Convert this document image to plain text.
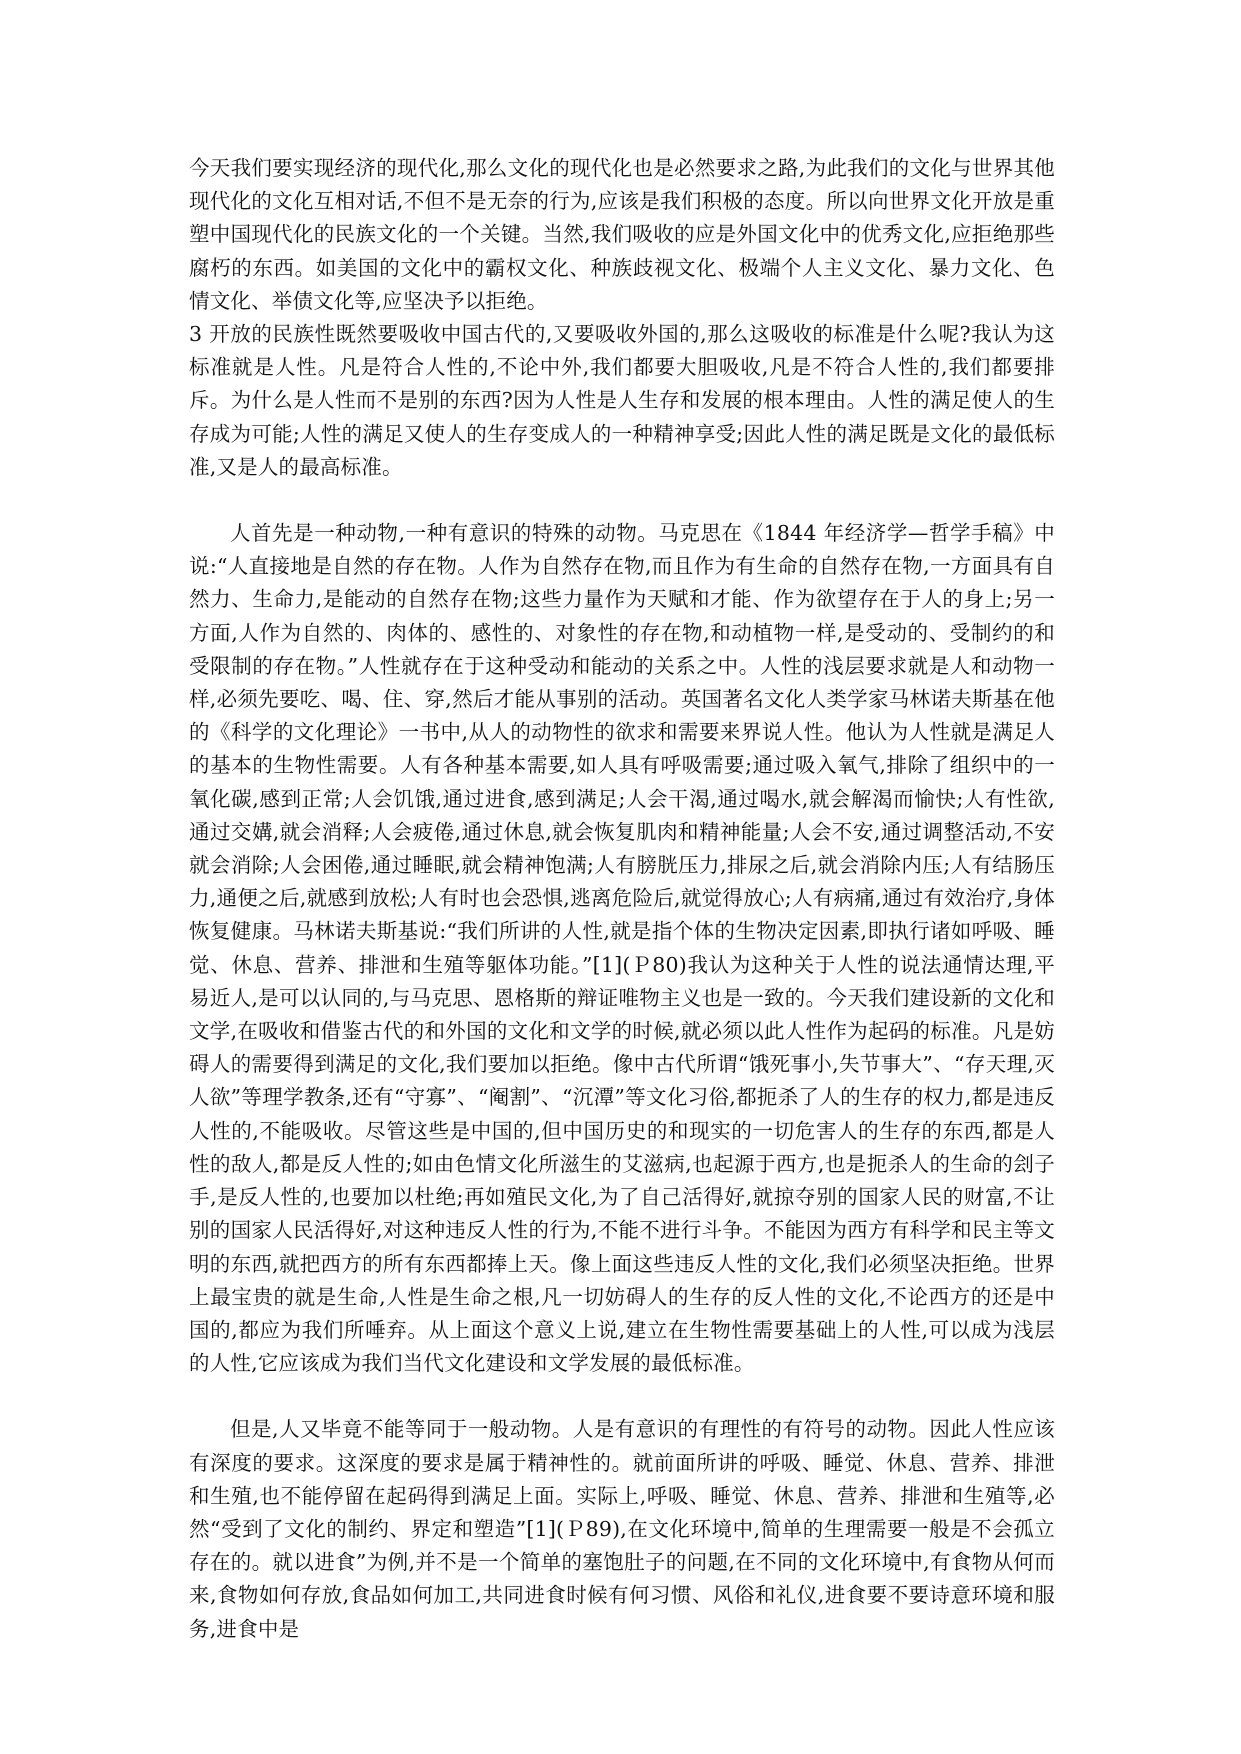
今天我们要实现经济的现代化,那么文化的现代化也是必然要求之路,为此我们的文化与世界其他现代化的文化互相对话,不但不是无奈的行为,应该是我们积极的态度。所以向世界文化开放是重塑中国现代化的民族文化的一个关键。当然,我们吸收的应是外国文化中的优秀文化,应拒绝那些腐朽的东西。如美国的文化中的霸权文化、种族歧视文化、极端个人主义文化、暴力文化、色情文化、举债文化等,应坚决予以拒绝。

3 开放的民族性既然要吸收中国古代的,又要吸收外国的,那么这吸收的标准是什么呢?我认为这标准就是人性。凡是符合人性的,不论中外,我们都要大胆吸收,凡是不符合人性的,我们都要排斥。为什么是人性而不是别的东西?因为人性是人生存和发展的根本理由。人性的满足使人的生存成为可能;人性的满足又使人的生存变成人的一种精神享受;因此人性的满足既是文化的最低标准,又是人的最高标准。

人首先是一种动物,一种有意识的特殊的动物。马克思在《1844 年经济学—哲学手稿》中说:“人直接地是自然的存在物。人作为自然存在物,而且作为有生命的自然存在物,一方面具有自然力、生命力,是能动的自然存在物;这些力量作为天赋和才能、作为欲望存在于人的身上;另一方面,人作为自然的、肉体的、感性的、对象性的存在物,和动植物一样,是受动的、受制约的和受限制的存在物。”人性就存在于这种受动和能动的关系之中。人性的浅层要求就是人和动物一样,必须先要吃、喝、住、穿,然后才能从事别的活动。英国著名文化人类学家马林诺夫斯基在他的《科学的文化理论》一书中,从人的动物性的欲求和需要来界说人性。他认为人性就是满足人的基本的生物性需要。人有各种基本需要,如人具有呼吸需要;通过吸入氧气,排除了组织中的一氧化碳,感到正常;人会饥饿,通过进食,感到满足;人会干渴,通过喝水,就会解渴而愉快;人有性欲,通过交媾,就会消释;人会疲倦,通过休息,就会恢复肌肉和精神能量;人会不安,通过调整活动,不安就会消除;人会困倦,通过睡眠,就会精神饱满;人有膀胱压力,排尿之后,就会消除内压;人有结肠压力,通便之后,就感到放松;人有时也会恐惧,逃离危险后,就觉得放心;人有病痛,通过有效治疗,身体恢复健康。马林诺夫斯基说:“我们所讲的人性,就是指个体的生物决定因素,即执行诸如呼吸、睡觉、休息、营养、排泄和生殖等躯体功能。”[1](Ｐ80)我认为这种关于人性的说法通情达理,平易近人,是可以认同的,与马克思、恩格斯的辩证唯物主义也是一致的。今天我们建设新的文化和文学,在吸收和借鉴古代的和外国的文化和文学的时候,就必须以此人性作为起码的标准。凡是妨碍人的需要得到满足的文化,我们要加以拒绝。像中古代所谓“饿死事小,失节事大”、“存天理,灭人欲”等理学教条,还有“守寡”、“阉割”、“沉潭”等文化习俗,都扼杀了人的生存的权力,都是违反人性的,不能吸收。尽管这些是中国的,但中国历史的和现实的一切危害人的生存的东西,都是人性的敌人,都是反人性的;如由色情文化所滋生的艾滋病,也起源于西方,也是扼杀人的生命的刽子手,是反人性的,也要加以杜绝;再如殖民文化,为了自己活得好,就掠夺别的国家人民的财富,不让别的国家人民活得好,对这种违反人性的行为,不能不进行斗争。不能因为西方有科学和民主等文明的东西,就把西方的所有东西都捧上天。像上面这些违反人性的文化,我们必须坚决拒绝。世界上最宝贵的就是生命,人性是生命之根,凡一切妨碍人的生存的反人性的文化,不论西方的还是中国的,都应为我们所唾弃。从上面这个意义上说,建立在生物性需要基础上的人性,可以成为浅层的人性,它应该成为我们当代文化建设和文学发展的最低标准。

但是,人又毕竟不能等同于一般动物。人是有意识的有理性的有符号的动物。因此人性应该有深度的要求。这深度的要求是属于精神性的。就前面所讲的呼吸、睡觉、休息、营养、排泄和生殖,也不能停留在起码得到满足上面。实际上,呼吸、睡觉、休息、营养、排泄和生殖等,必然“受到了文化的制约、界定和塑造”[1](Ｐ89),在文化环境中,简单的生理需要一般是不会孤立存在的。就以进食”为例,并不是一个简单的塞饱肚子的问题,在不同的文化环境中,有食物从何而来,食物如何存放,食品如何加工,共同进食时候有何习惯、风俗和礼仪,进食要不要诗意环境和服务,进食中是
